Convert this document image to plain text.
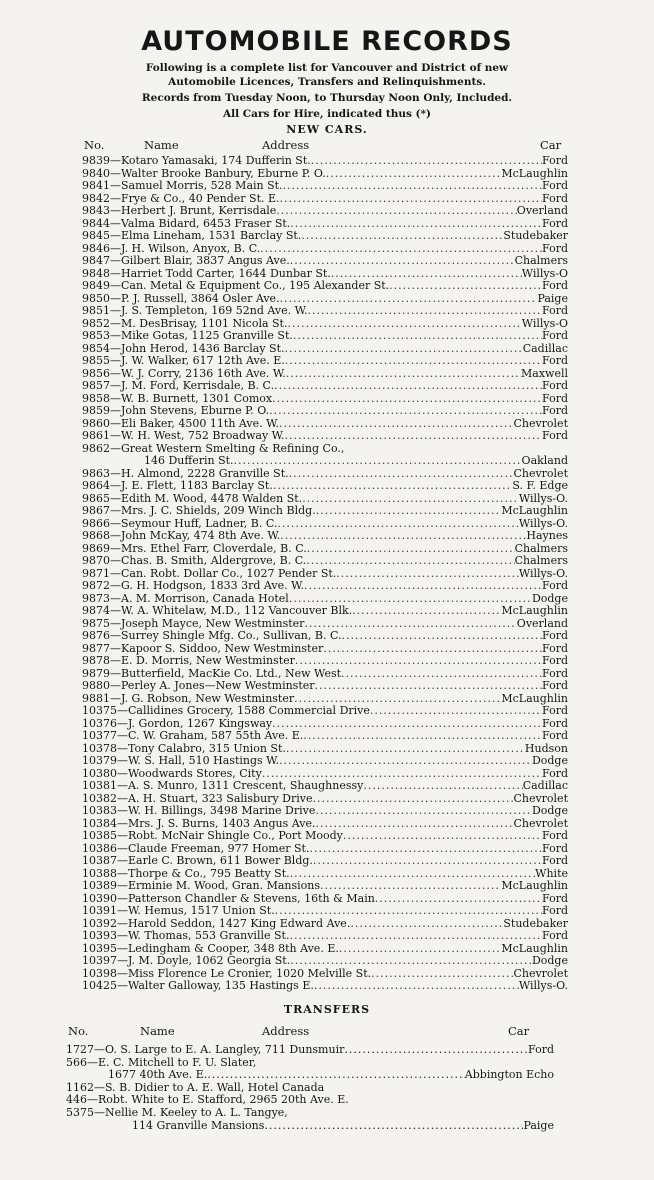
AUTOMOBILE RECORDS
Following is a complete list for Vancouver and District of new
Automobile Licences, Transfers and Relinquishments.
Records from Tuesday Noon, to Thursday Noon Only, Included.
All Cars for Hire, indicated thus (*)
NEW CARS.
No.	Name	Address	Car
9839—Kotaro Yamasaki, 174 Dufferin St. .....	Ford
9840—Walter Brooke Banbury, Eburne P. O. .....	McLaughlin
9841—Samuel Morris, 528 Main St. .....	Ford
9842—Frye & Co., 40 Pender St. E. .....	Ford
9843—Herbert J. Brunt, Kerrisdale .....	Overland
9844—Valma Bidard, 6453 Fraser St. .....	Ford
9845—Elma Lineham, 1531 Barclay St. .....	Studebaker
9846—J. H. Wilson, Anyox, B. C. .....	Ford
9847—Gilbert Blair, 3837 Angus Ave. .....	Chalmers
9848—Harriet Todd Carter, 1644 Dunbar St. .....	Willys-O
9849—Can. Metal & Equipment Co., 195 Alexander St. .....	Ford
9850—P. J. Russell, 3864 Osler Ave. .....	Paige
9851—J. S. Templeton, 169 52nd Ave. W. .....	Ford
9852—M. DesBrisay, 1101 Nicola St. .....	Willys-O
9853—Mike Gotas, 1125 Granville St. .....	Ford
9854—John Herod, 1436 Barclay St. .....	Cadillac
9855—J. W. Walker, 617 12th Ave. E. .....	Ford
9856—W. J. Corry, 2136 16th Ave. W. .....	Maxwell
9857—J. M. Ford, Kerrisdale, B. C. .....	Ford
9858—W. B. Burnett, 1301 Comox .....	Ford
9859—John Stevens, Eburne P. O. .....	Ford
9860—Eli Baker, 4500 11th Ave. W. .....	Chevrolet
9861—W. H. West, 752 Broadway W. .....	Ford
9862—Great Western Smelting & Refining Co.,
146 Dufferin St. .....	Oakland
9863—H. Almond, 2228 Granville St. .....	Chevrolet
9864—J. E. Flett, 1183 Barclay St. .....	S. F. Edge
9865—Edith M. Wood, 4478 Walden St. .....	Willys-O.
9867—Mrs. J. C. Shields, 209 Winch Bldg. .....	McLaughlin
9866—Seymour Huff, Ladner, B. C. .....	Willys-O.
9868—John McKay, 474 8th Ave. W. .....	Haynes
9869—Mrs. Ethel Farr, Cloverdale, B. C. .....	Chalmers
9870—Chas. B. Smith, Aldergrove, B. C. .....	Chalmers
9871—Can. Robt. Dollar Co., 1027 Pender St. .....	Willys-O.
9872—G. H. Hodgson, 1833 3rd Ave. W. .....	Ford
9873—A. M. Morrison, Canada Hotel .....	Dodge
9874—W. A. Whitelaw, M.D., 112 Vancouver Blk. .....	McLaughlin
9875—Joseph Mayce, New Westminster .....	Overland
9876—Surrey Shingle Mfg. Co., Sullivan, B. C. .....	Ford
9877—Kapoor S. Siddoo, New Westminster .....	Ford
9878—E. D. Morris, New Westminster .....	Ford
9879—Butterfield, MacKie Co. Ltd., New West .....	Ford
9880—Perley A. Jones—New Westminster .....	Ford
9881—J. G. Robson, New Westminster .....	McLaughlin
10375—Callidines Grocery, 1588 Commercial Drive .....	Ford
10376—J. Gordon, 1267 Kingsway .....	Ford
10377—C. W. Graham, 587 55th Ave. E. .....	Ford
10378—Tony Calabro, 315 Union St. .....	Hudson
10379—W. S. Hall, 510 Hastings W. .....	Dodge
10380—Woodwards Stores, City .....	Ford
10381—A. S. Munro, 1311 Crescent, Shaughnessy .....	Cadillac
10382—A. H. Stuart, 323 Salisbury Drive .....	Chevrolet
10383—W. H. Billings, 3498 Marine Drive .....	Dodge
10384—Mrs. J. S. Burns, 1403 Angus Ave. .....	Chevrolet
10385—Robt. McNair Shingle Co., Port Moody .....	Ford
10386—Claude Freeman, 977 Homer St. .....	Ford
10387—Earle C. Brown, 611 Bower Bldg. .....	Ford
10388—Thorpe & Co., 795 Beatty St. .....	White
10389—Erminie M. Wood, Gran. Mansions .....	McLaughlin
10390—Patterson Chandler & Stevens, 16th & Main .....	Ford
10391—W. Hemus, 1517 Union St. .....	Ford
10392—Harold Seddon, 1427 King Edward Ave. .....	Studebaker
10393—W. Thomas, 553 Granville St. .....	Ford
10395—Ledingham & Cooper, 348 8th Ave. E. .....	McLaughlin
10397—J. M. Doyle, 1062 Georgia St. .....	Dodge
10398—Miss Florence Le Cronier, 1020 Melville St. .....	Chevrolet
10425—Walter Galloway, 135 Hastings E. .....	Willys-O.
TRANSFERS
No.	Name	Address	Car
1727—O. S. Large to E. A. Langley, 711 Dunsmuir .....	Ford
566—E. C. Mitchell to F. U. Slater,
1677 40th Ave. E. .....	Abbington Echo
1162—S. B. Didier to A. E. Wall, Hotel Canada
446—Robt. White to E. Stafford, 2965 20th Ave. E.
5375—Nellie M. Keeley to A. L. Tangye,
114 Granville Mansions .....	Paige
